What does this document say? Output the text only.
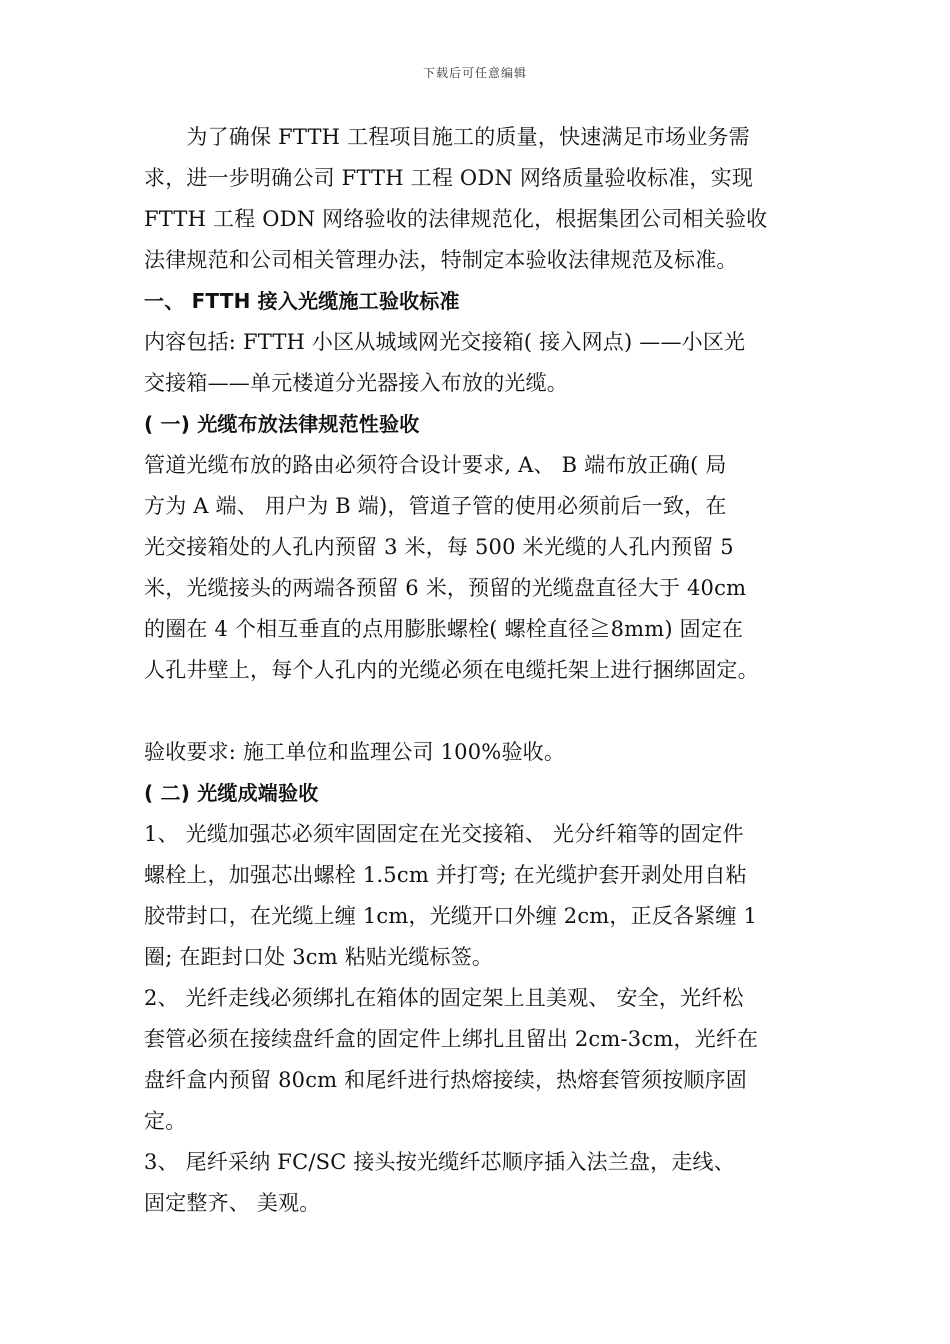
下载后可任意编辑
　　为了确保 FTTH 工程项目施工的质量，快速满足市场业务需
求，进一步明确公司 FTTH 工程 ODN 网络质量验收标准，实现
FTTH 工程 ODN 网络验收的法律规范化，根据集团公司相关验收
法律规范和公司相关管理办法，特制定本验收法律规范及标准。
一、 FTTH 接入光缆施工验收标准
内容包括: FTTH 小区从城域网光交接箱( 接入网点) ——小区光
交接箱——单元楼道分光器接入布放的光缆。
( 一) 光缆布放法律规范性验收
管道光缆布放的路由必须符合设计要求, A、 B 端布放正确( 局
方为 A 端、 用户为 B 端)，管道子管的使用必须前后一致，在
光交接箱处的人孔内预留 3 米，每 500 米光缆的人孔内预留 5
米，光缆接头的两端各预留 6 米，预留的光缆盘直径大于 40cm
的圈在 4 个相互垂直的点用膨胀螺栓( 螺栓直径≧8mm) 固定在
人孔井壁上，每个人孔内的光缆必须在电缆托架上进行捆绑固定。
验收要求: 施工单位和监理公司 100%验收。
( 二) 光缆成端验收
1、 光缆加强芯必须牢固固定在光交接箱、 光分纤箱等的固定件
螺栓上，加强芯出螺栓 1.5cm 并打弯; 在光缆护套开剥处用自粘
胶带封口，在光缆上缠 1cm，光缆开口外缠 2cm，正反各紧缠 1
圈; 在距封口处 3cm 粘贴光缆标签。
2、 光纤走线必须绑扎在箱体的固定架上且美观、 安全，光纤松
套管必须在接续盘纤盒的固定件上绑扎且留出 2cm-3cm，光纤在
盘纤盒内预留 80cm 和尾纤进行热熔接续，热熔套管须按顺序固
定。
3、 尾纤采纳 FC/SC 接头按光缆纤芯顺序插入法兰盘，走线、
固定整齐、 美观。
